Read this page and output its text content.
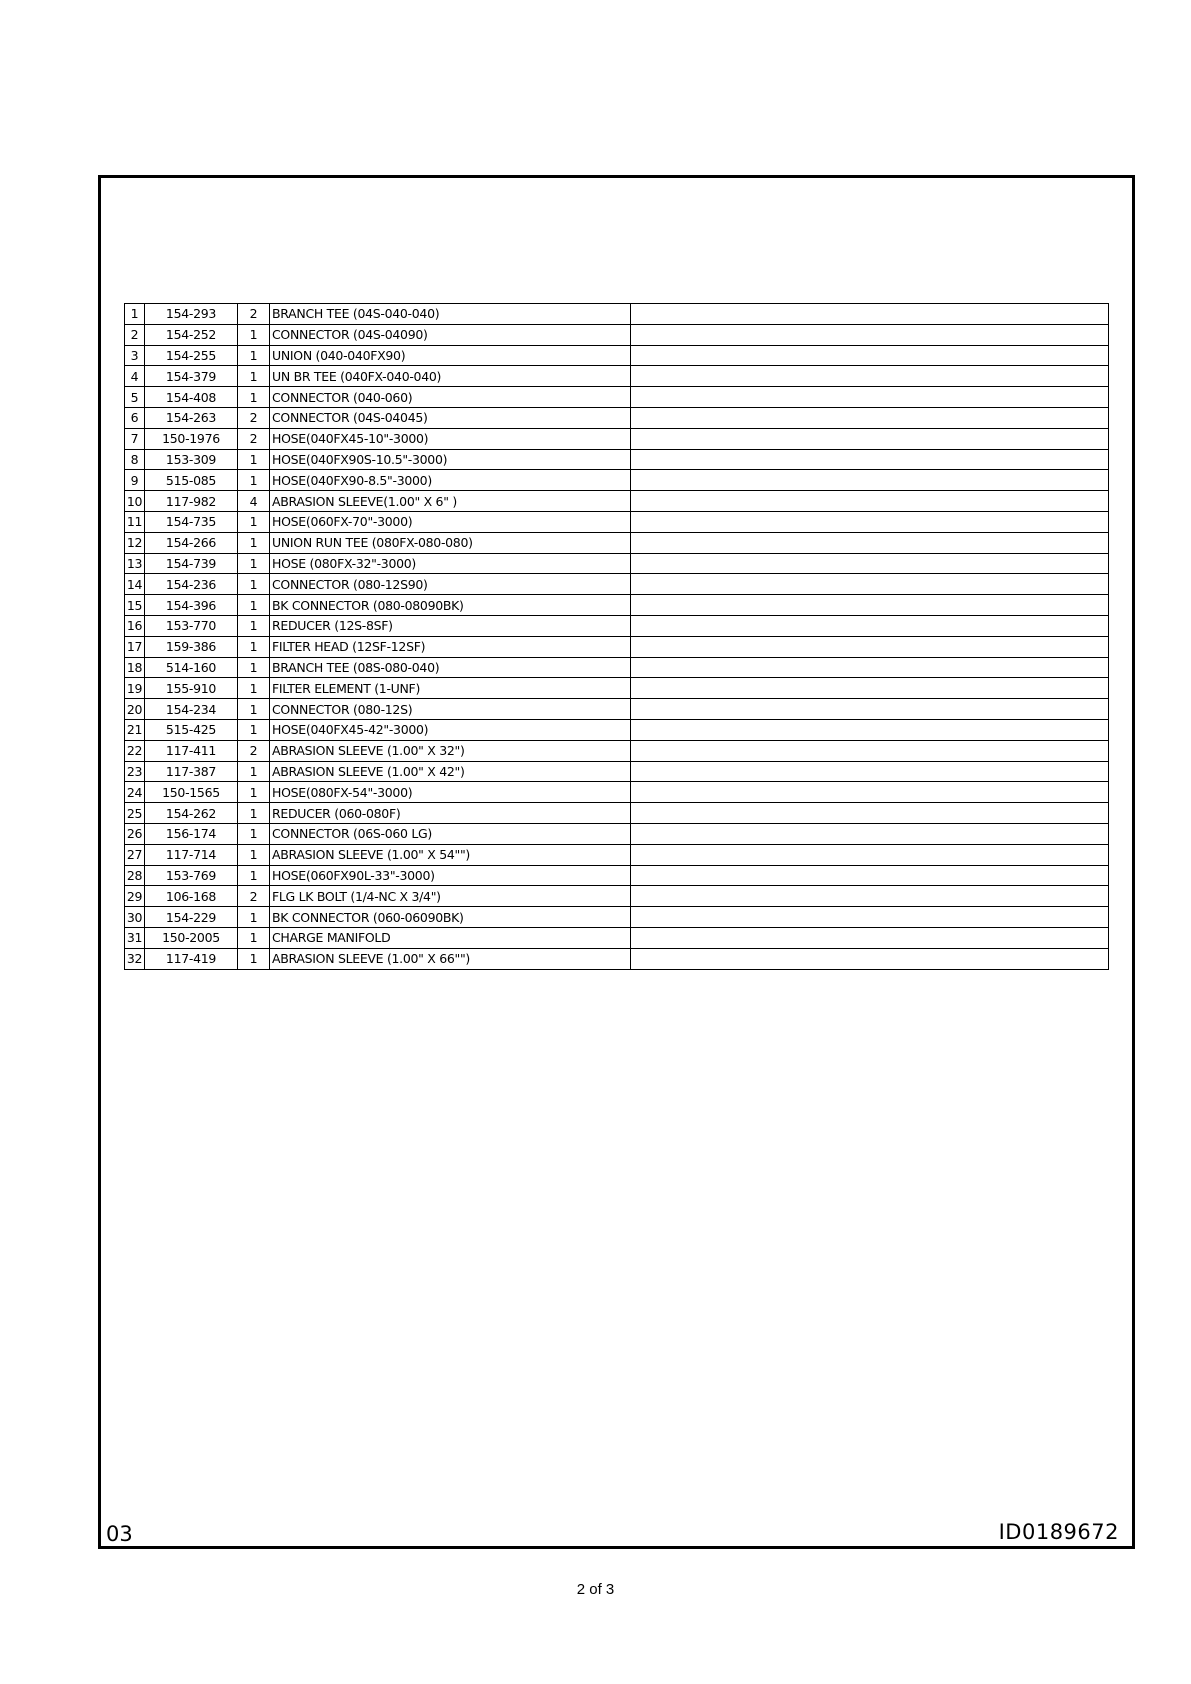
1	154-293	2	BRANCH TEE (04S-040-040)	
2	154-252	1	CONNECTOR (04S-04090)	
3	154-255	1	UNION (040-040FX90)	
4	154-379	1	UN BR TEE (040FX-040-040)	
5	154-408	1	CONNECTOR (040-060)	
6	154-263	2	CONNECTOR (04S-04045)	
7	150-1976	2	HOSE(040FX45-10"-3000)	
8	153-309	1	HOSE(040FX90S-10.5"-3000)	
9	515-085	1	HOSE(040FX90-8.5"-3000)	
10	117-982	4	ABRASION SLEEVE(1.00" X 6" )	
11	154-735	1	HOSE(060FX-70"-3000)	
12	154-266	1	UNION RUN TEE (080FX-080-080)	
13	154-739	1	HOSE (080FX-32"-3000)	
14	154-236	1	CONNECTOR (080-12S90)	
15	154-396	1	BK CONNECTOR (080-08090BK)	
16	153-770	1	REDUCER (12S-8SF)	
17	159-386	1	FILTER HEAD (12SF-12SF)	
18	514-160	1	BRANCH TEE (08S-080-040)	
19	155-910	1	FILTER ELEMENT (1-UNF)	
20	154-234	1	CONNECTOR (080-12S)	
21	515-425	1	HOSE(040FX45-42"-3000)	
22	117-411	2	ABRASION SLEEVE (1.00" X 32")	
23	117-387	1	ABRASION SLEEVE (1.00" X 42")	
24	150-1565	1	HOSE(080FX-54"-3000)	
25	154-262	1	REDUCER (060-080F)	
26	156-174	1	CONNECTOR (06S-060 LG)	
27	117-714	1	ABRASION SLEEVE (1.00" X 54"")	
28	153-769	1	HOSE(060FX90L-33"-3000)	
29	106-168	2	FLG LK BOLT (1/4-NC X 3/4")	
30	154-229	1	BK CONNECTOR (060-06090BK)	
31	150-2005	1	CHARGE MANIFOLD	
32	117-419	1	ABRASION SLEEVE (1.00" X 66"")	
03	ID0189672
2 of 3
